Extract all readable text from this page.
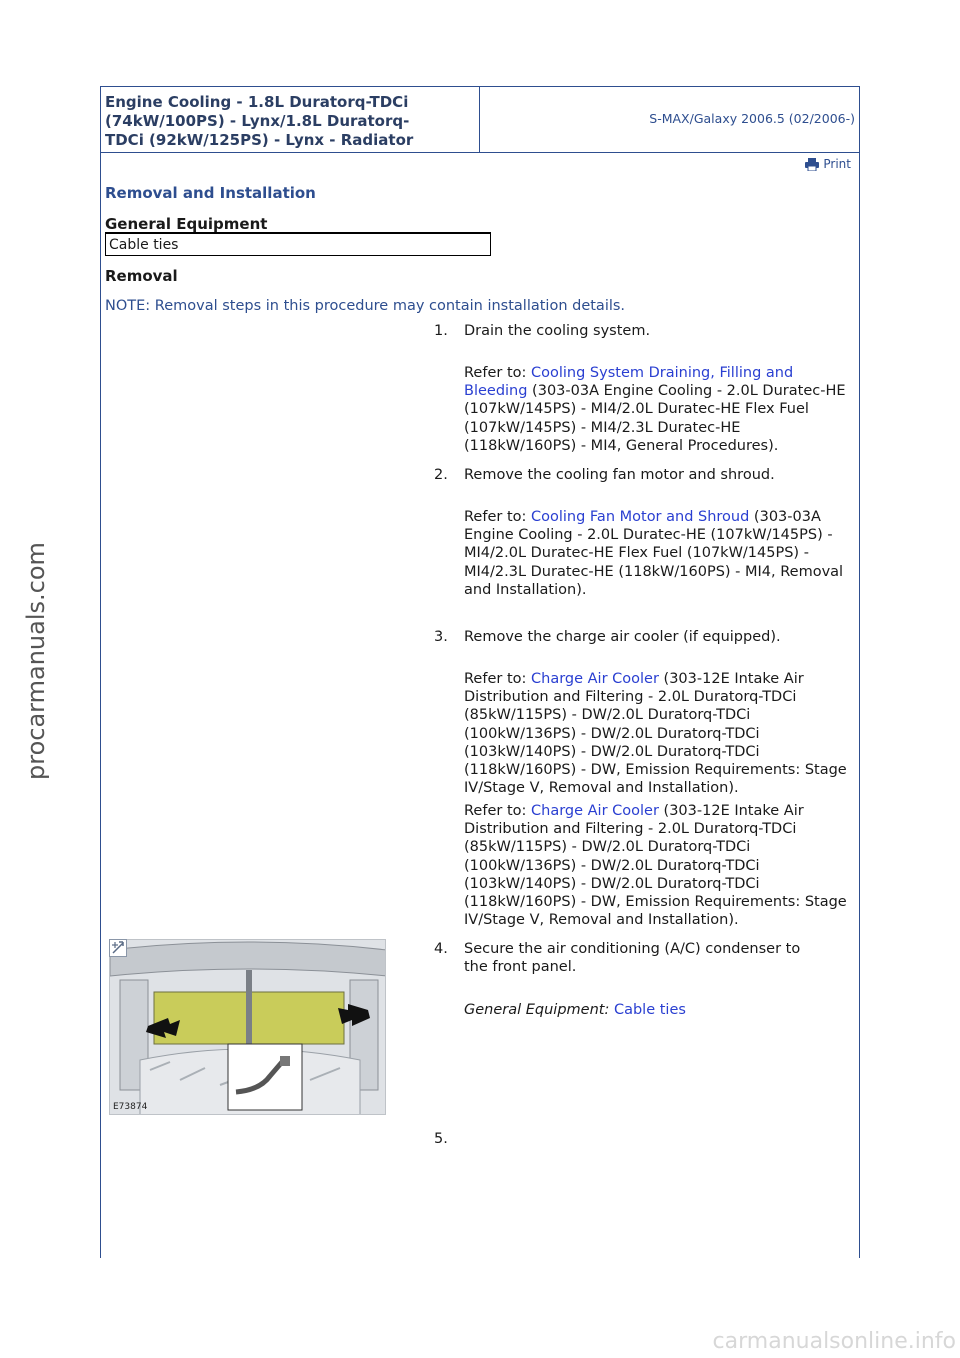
Engine Cooling - 1.8L Duratorq-TDCi
(74kW/100PS) - Lynx/1.8L Duratorq-
TDCi (92kW/125PS) - Lynx - Radiator
S-MAX/Galaxy 2006.5 (02/2006-)
Print
Removal and Installation
General Equipment
Cable ties
Removal
NOTE: Removal steps in this procedure may contain installation details.
1. Drain the cooling system.
Refer to: Cooling System Draining, Filling and Bleeding (303-03A Engine Cooling - 2.0L Duratec-HE (107kW/145PS) - MI4/2.0L Duratec-HE Flex Fuel (107kW/145PS) - MI4/2.3L Duratec-HE (118kW/160PS) - MI4, General Procedures).
2. Remove the cooling fan motor and shroud.
Refer to: Cooling Fan Motor and Shroud (303-03A Engine Cooling - 2.0L Duratec-HE (107kW/145PS) - MI4/2.0L Duratec-HE Flex Fuel (107kW/145PS) - MI4/2.3L Duratec-HE (118kW/160PS) - MI4, Removal and Installation).
3. Remove the charge air cooler (if equipped).
Refer to: Charge Air Cooler (303-12E Intake Air Distribution and Filtering - 2.0L Duratorq-TDCi (85kW/115PS) - DW/2.0L Duratorq-TDCi (100kW/136PS) - DW/2.0L Duratorq-TDCi (103kW/140PS) - DW/2.0L Duratorq-TDCi (118kW/160PS) - DW, Emission Requirements: Stage IV/Stage V, Removal and Installation).
Refer to: Charge Air Cooler (303-12E Intake Air Distribution and Filtering - 2.0L Duratorq-TDCi (85kW/115PS) - DW/2.0L Duratorq-TDCi (100kW/136PS) - DW/2.0L Duratorq-TDCi (103kW/140PS) - DW/2.0L Duratorq-TDCi (118kW/160PS) - DW, Emission Requirements: Stage IV/Stage V, Removal and Installation).
4. Secure the air conditioning (A/C) condenser to
the front panel.
General Equipment: Cable ties
E73874
5.
procarmanuals.com
carmanualsonline.info
